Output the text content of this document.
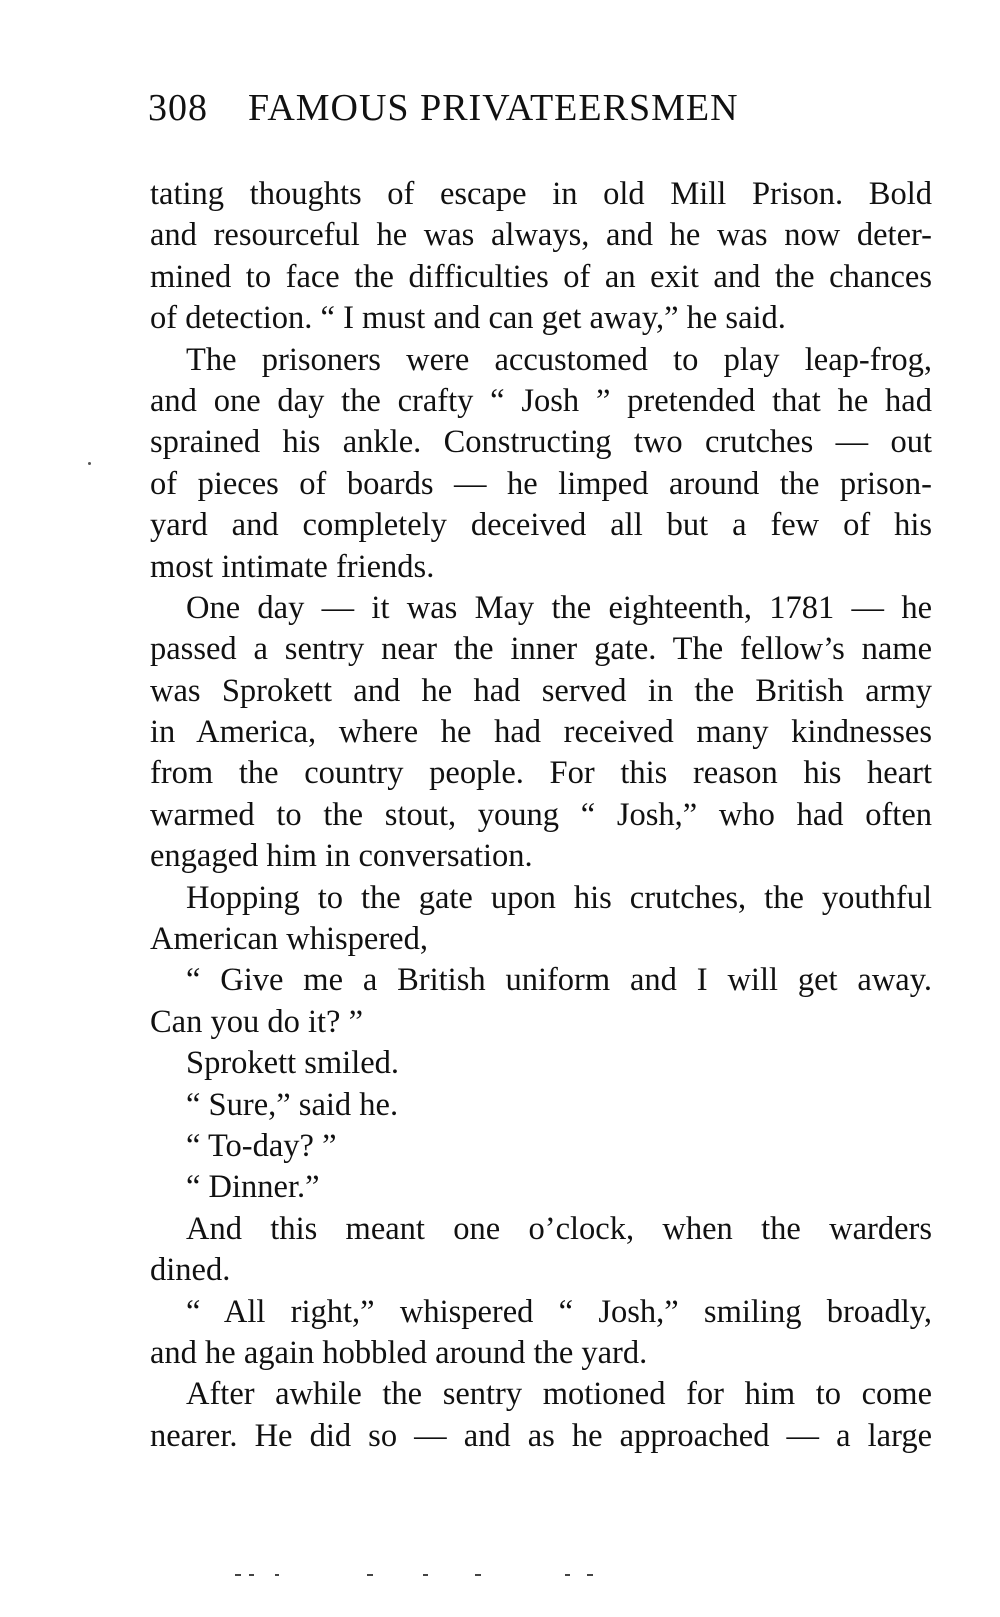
308 FAMOUS PRIVATEERSMEN
tating thoughts of escape in old Mill Prison. Bold
and resourceful he was always, and he was now deter-
mined to face the difficulties of an exit and the chances
of detection. “ I must and can get away,” he said.
The prisoners were accustomed to play leap-frog,
and one day the crafty “ Josh ” pretended that he had
sprained his ankle. Constructing two crutches — out
of pieces of boards — he limped around the prison-
yard and completely deceived all but a few of his
most intimate friends.
One day — it was May the eighteenth, 1781 — he
passed a sentry near the inner gate. The fellow’s name
was Sprokett and he had served in the British army
in America, where he had received many kindnesses
from the country people. For this reason his heart
warmed to the stout, young “ Josh,” who had often
engaged him in conversation.
Hopping to the gate upon his crutches, the youthful
American whispered,
“ Give me a British uniform and I will get away.
Can you do it? ”
Sprokett smiled.
“ Sure,” said he.
“ To-day? ”
“ Dinner.”
And this meant one o’clock, when the warders
dined.
“ All right,” whispered “ Josh,” smiling broadly,
and he again hobbled around the yard.
After awhile the sentry motioned for him to come
nearer. He did so — and as he approached — a large
